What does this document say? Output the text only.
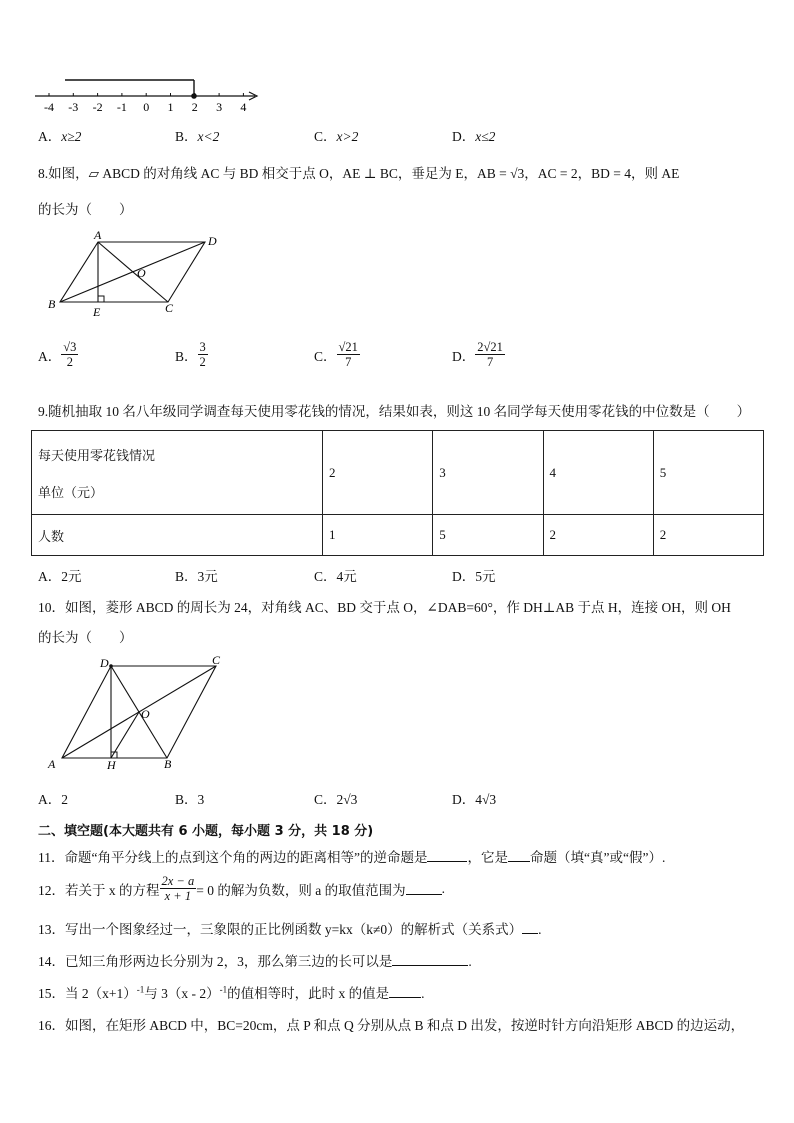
-4 -3 -2 -1 0 1 2 3 4
A．x≥2	B．x<2	C．x>2	D．x≤2
8.如图，▱ ABCD 的对角线 AC 与 BD 相交于点 O，AE ⊥ BC，垂足为 E，AB = √3，AC = 2，BD = 4，则 AE
的长为（　　）
A	D
O
B	C
E
A． $\frac{√3}{2}$	B． $\frac{3}{2}$	C． $\frac{√21}{7}$	D． $\frac{2√21}{7}$
9.随机抽取 10 名八年级同学调查每天使用零花钱的情况，结果如表，则这 10 名同学每天使用零花钱的中位数是（　　）
每天使用零花钱情况
单位（元）	2	3	4	5
人数	1	5	2	2
A．2元	B．3元	C．4元	D．5元
10．如图，菱形 ABCD 的周长为 24，对角线 AC、BD 交于点 O，∠DAB=60°，作 DH⊥AB 于点 H，连接 OH，则 OH
的长为（　　）
D	C
O
A	H	B
A．2	B．3	C．2√3	D．4√3
二、填空题(本大题共有 6 小题，每小题 3 分，共 18 分)
11．命题“角平分线上的点到这个角的两边的距离相等”的逆命题是	，它是 命题（填“真”或“假”）.
12．若关于 x 的方程 $\frac{2x - a}{x + 1} = 0$ 的解为负数，则 a 的取值范围为	.
13．写出一个图象经过一，三象限的正比例函数 y=kx（k≠0）的解析式（关系式） .
14．已知三角形两边长分别为 2，3，那么第三边的长可以是	.
15．当 $2(x+1)^{-1}$与 3（x - 2）$^{-1}$的值相等时，此时 x 的值是 .
16．如图，在矩形 ABCD 中，BC=20cm，点 P 和点 Q 分别从点 B 和点 D 出发，按逆时针方向沿矩形 ABCD 的边运动，
